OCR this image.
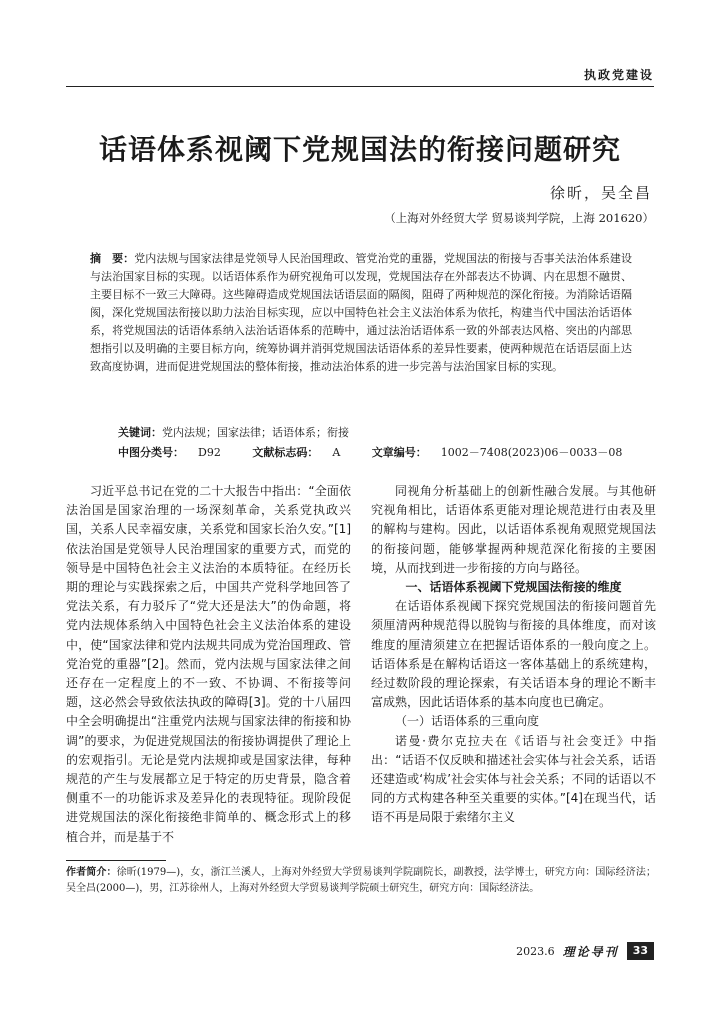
执政党建设
话语体系视阈下党规国法的衔接问题研究
徐昕，吴全昌
（上海对外经贸大学 贸易谈判学院，上海 201620）
摘　要：党内法规与国家法律是党领导人民治国理政、管党治党的重器，党规国法的衔接与否事关法治体系建设与法治国家目标的实现。以话语体系作为研究视角可以发现，党规国法存在外部表达不协调、内在思想不融贯、主要目标不一致三大障碍。这些障碍造成党规国法话语层面的隔阂，阻碍了两种规范的深化衔接。为消除话语隔阂，深化党规国法衔接以助力法治目标实现，应以中国特色社会主义法治体系为依托，构建当代中国法治话语体系，将党规国法的话语体系纳入法治话语体系的范畴中，通过法治话语体系一致的外部表达风格、突出的内部思想指引以及明确的主要目标方向，统筹协调并消弭党规国法话语体系的差异性要素，使两种规范在话语层面上达致高度协调，进而促进党规国法的整体衔接，推动法治体系的进一步完善与法治国家目标的实现。
关键词：党内法规；国家法律；话语体系；衔接
中图分类号： D92	文献标志码： A	文章编号： 1002－7408(2023)06－0033－08

习近平总书记在党的二十大报告中指出：“全面依法治国是国家治理的一场深刻革命，关系党执政兴国，关系人民幸福安康，关系党和国家长治久安。”[1]依法治国是党领导人民治理国家的重要方式，而党的领导是中国特色社会主义法治的本质特征。在经历长期的理论与实践探索之后，中国共产党科学地回答了党法关系，有力驳斥了“党大还是法大”的伪命题，将党内法规体系纳入中国特色社会主义法治体系的建设中，使“国家法律和党内法规共同成为党治国理政、管党治党的重器”[2]。然而，党内法规与国家法律之间还存在一定程度上的不一致、不协调、不衔接等问题，这必然会导致依法执政的障碍[3]。党的十八届四中全会明确提出“注重党内法规与国家法律的衔接和协调”的要求，为促进党规国法的衔接协调提供了理论上的宏观指引。无论是党内法规抑或是国家法律，每种规范的产生与发展都立足于特定的历史背景，隐含着侧重不一的功能诉求及差异化的表现特征。现阶段促进党规国法的深化衔接绝非简单的、概念形式上的移植合并，而是基于不

同视角分析基础上的创新性融合发展。与其他研究视角相比，话语体系更能对理论规范进行由表及里的解构与建构。因此，以话语体系视角观照党规国法的衔接问题，能够掌握两种规范深化衔接的主要困境，从而找到进一步衔接的方向与路径。

一、话语体系视阈下党规国法衔接的维度

在话语体系视阈下探究党规国法的衔接问题首先须厘清两种规范得以脱钩与衔接的具体维度，而对该维度的厘清须建立在把握话语体系的一般向度之上。话语体系是在解构话语这一客体基础上的系统建构，经过数阶段的理论探索，有关话语本身的理论不断丰富成熟，因此话语体系的基本向度也已确定。

（一）话语体系的三重向度

诺曼·费尔克拉夫在《话语与社会变迁》中指出：“话语不仅反映和描述社会实体与社会关系，话语还建造或‘构成’社会实体与社会关系；不同的话语以不同的方式构建各种至关重要的实体。”[4]在现当代，话语不再是局限于索绪尔主义

作者简介：徐昕(1979—)，女，浙江兰溪人，上海对外经贸大学贸易谈判学院副院长，副教授，法学博士，研究方向：国际经济法；吴全昌(2000—)，男，江苏徐州人，上海对外经贸大学贸易谈判学院硕士研究生，研究方向：国际经济法。
2023.6 理论导刊	33
